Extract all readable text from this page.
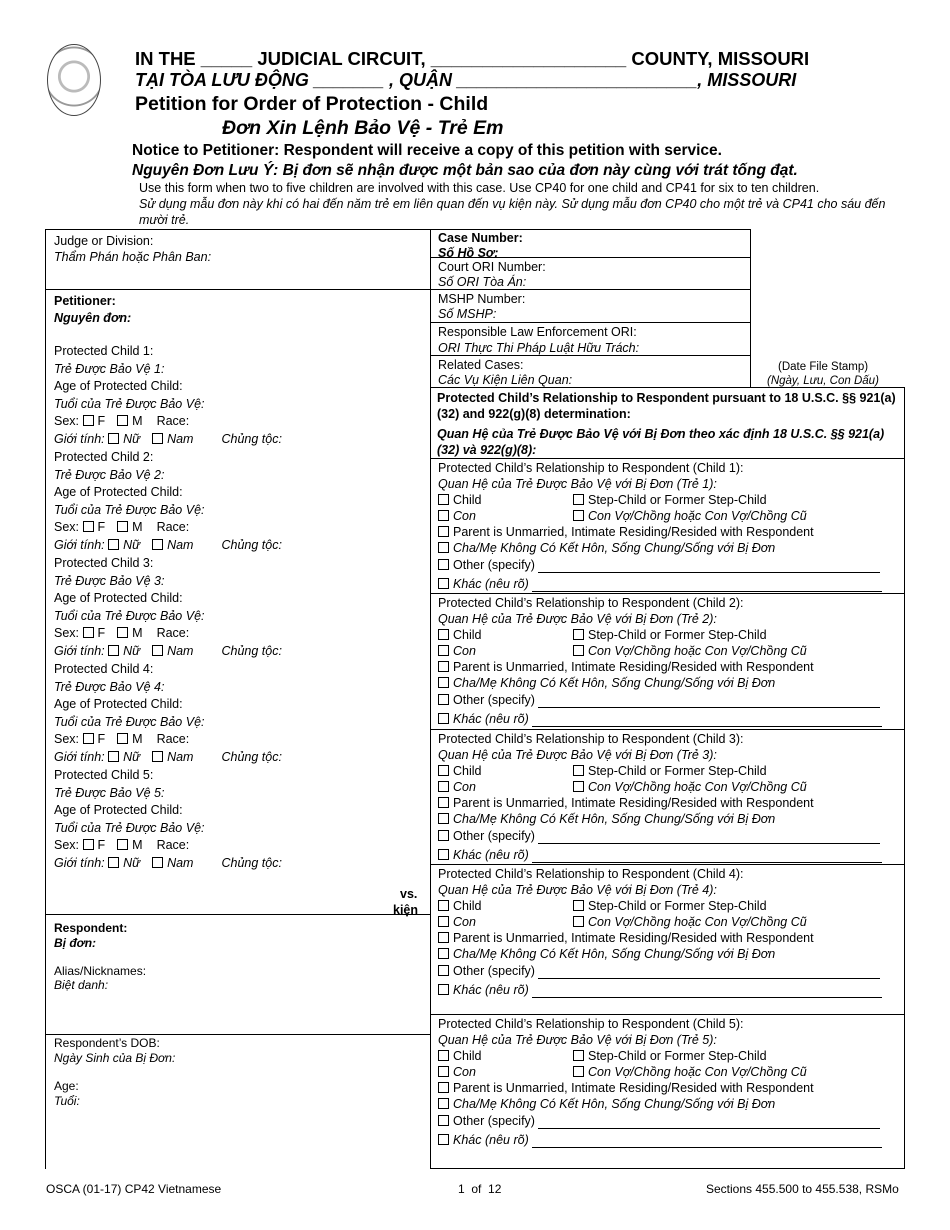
IN THE _____ JUDICIAL CIRCUIT, ___________________ COUNTY, MISSOURI
TẠI TÒA LƯU ĐỘNG _______ , QUẬN ________________________, MISSOURI
Petition for Order of Protection - Child
Đơn Xin Lệnh Bảo Vệ - Trẻ Em
Notice to Petitioner: Respondent will receive a copy of this petition with service.
Nguyên Đơn Lưu Ý: Bị đơn sẽ nhận được một bản sao của đơn này cùng với trát tống đạt.
Use this form when two to five children are involved with this case. Use CP40 for one child and CP41 for six to ten children.
Sử dụng mẫu đơn này khi có hai đến năm trẻ em liên quan đến vụ kiện này. Sử dụng mẫu đơn CP40 cho một trẻ và CP41 cho sáu đến mười trẻ.
Judge or Division:
Thẩm Phán hoặc Phân Ban:
Petitioner:
Nguyên đơn:
Protected Child 1:
Trẻ Được Bảo Vệ 1:
Age of Protected Child:
Tuổi của Trẻ Được Bảo Vệ:
Sex: F M Race:
Giới tính: Nữ Nam Chủng tộc:
Protected Child 2:
Trẻ Được Bảo Vệ 2:
Age of Protected Child:
Tuổi của Trẻ Được Bảo Vệ:
Sex: F M Race:
Giới tính: Nữ Nam Chủng tộc:
Protected Child 3:
Trẻ Được Bảo Vệ 3:
Age of Protected Child:
Tuổi của Trẻ Được Bảo Vệ:
Sex: F M Race:
Giới tính: Nữ Nam Chủng tộc:
Protected Child 4:
Trẻ Được Bảo Vệ 4:
Age of Protected Child:
Tuổi của Trẻ Được Bảo Vệ:
Sex: F M Race:
Giới tính: Nữ Nam Chủng tộc:
Protected Child 5:
Trẻ Được Bảo Vệ 5:
Age of Protected Child:
Tuổi của Trẻ Được Bảo Vệ:
Sex: F M Race:
Giới tính: Nữ Nam Chủng tộc:
vs.
kiện
Respondent:
Bị đơn:
Alias/Nicknames:
Biệt danh:
Respondent’s DOB:
Ngày Sinh của Bị Đơn:
Age:
Tuổi:
Case Number:
Số Hồ Sơ:
Court ORI Number:
Số ORI Tòa Án:
MSHP Number:
Số MSHP:
Responsible Law Enforcement ORI:
ORI Thực Thi Pháp Luật Hữu Trách:
Related Cases:
Các Vụ Kiện Liên Quan:
(Date File Stamp)
(Ngày, Lưu, Con Dấu)
Protected Child’s Relationship to Respondent pursuant to 18 U.S.C. §§ 921(a)(32) and 922(g)(8) determination:
Quan Hệ của Trẻ Được Bảo Vệ với Bị Đơn theo xác định 18 U.S.C. §§ 921(a)(32) và 922(g)(8):
Protected Child’s Relationship to Respondent (Child 1):
Quan Hệ của Trẻ Được Bảo Vệ với Bị Đơn (Trẻ 1):
Child	Step-Child or Former Step-Child
Con	Con Vợ/Chồng hoặc Con Vợ/Chồng Cũ
Parent is Unmarried, Intimate Residing/Resided with Respondent
Cha/Mẹ Không Có Kết Hôn, Sống Chung/Sống với Bị Đơn
Other (specify)
Khác (nêu rõ)
Protected Child’s Relationship to Respondent (Child 2):
Quan Hệ của Trẻ Được Bảo Vệ với Bị Đơn (Trẻ 2):
Child	Step-Child or Former Step-Child
Con	Con Vợ/Chồng hoặc Con Vợ/Chồng Cũ
Parent is Unmarried, Intimate Residing/Resided with Respondent
Cha/Mẹ Không Có Kết Hôn, Sống Chung/Sống với Bị Đơn
Other (specify)
Khác (nêu rõ)
Protected Child’s Relationship to Respondent (Child 3):
Quan Hệ của Trẻ Được Bảo Vệ với Bị Đơn (Trẻ 3):
Child	Step-Child or Former Step-Child
Con	Con Vợ/Chồng hoặc Con Vợ/Chồng Cũ
Parent is Unmarried, Intimate Residing/Resided with Respondent
Cha/Mẹ Không Có Kết Hôn, Sống Chung/Sống với Bị Đơn
Other (specify)
Khác (nêu rõ)
Protected Child’s Relationship to Respondent (Child 4):
Quan Hệ của Trẻ Được Bảo Vệ với Bị Đơn (Trẻ 4):
Child	Step-Child or Former Step-Child
Con	Con Vợ/Chồng hoặc Con Vợ/Chồng Cũ
Parent is Unmarried, Intimate Residing/Resided with Respondent
Cha/Mẹ Không Có Kết Hôn, Sống Chung/Sống với Bị Đơn
Other (specify)
Khác (nêu rõ)
Protected Child’s Relationship to Respondent (Child 5):
Quan Hệ của Trẻ Được Bảo Vệ với Bị Đơn (Trẻ 5):
Child	Step-Child or Former Step-Child
Con	Con Vợ/Chồng hoặc Con Vợ/Chồng Cũ
Parent is Unmarried, Intimate Residing/Resided with Respondent
Cha/Mẹ Không Có Kết Hôn, Sống Chung/Sống với Bị Đơn
Other (specify)
Khác (nêu rõ)
OSCA (01-17) CP42 Vietnamese	1  of  12	Sections 455.500 to 455.538, RSMo
